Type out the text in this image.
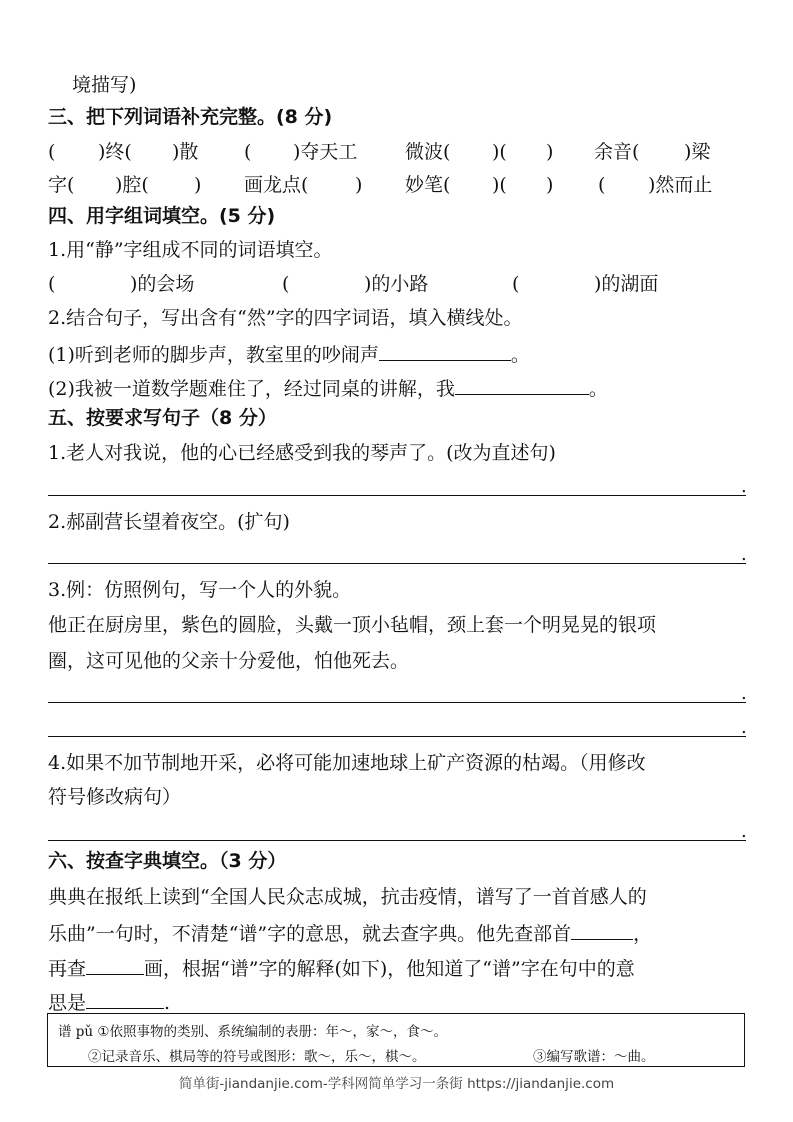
境描写)
三、把下列词语补充完整。(8 分)
( )终( )散 ( )夺天工	微波( )( ) 余音( )梁
字( )腔( ) 画龙点( ) 妙笔( )( ) ( )然而止
四、用字组词填空。(5 分)
1.用“静”字组成不同的词语填空。
(	)的会场	(	)的小路	(	)的湖面
2.结合句子，写出含有“然”字的四字词语，填入横线处。
(1)听到老师的脚步声，教室里的吵闹声	。
(2)我被一道数学题难住了，经过同桌的讲解，我	。
五、按要求写句子（8 分）
1.老人对我说，他的心已经感受到我的琴声了。(改为直述句)
.
2.郝副营长望着夜空。(扩句)
.
3.例：仿照例句，写一个人的外貌。
他正在厨房里，紫色的圆脸，头戴一顶小毡帽，颈上套一个明晃晃的银项
圈，这可见他的父亲十分爱他，怕他死去。
.
.
4.如果不加节制地开采，必将可能加速地球上矿产资源的枯竭。（用修改
符号修改病句）
.
六、按查字典填空。（3 分）
典典在报纸上读到“全国人民众志成城，抗击疫情，谱写了一首首感人的
乐曲”一句时，不清楚“谱”字的意思，就去查字典。他先查部首	，
再查	画，根据“谱”字的解释(如下)，他知道了“谱”字在句中的意
思是	.
谱 pǔ ①依照事物的类别、系统编制的表册：年～，家～，食～。
②记录音乐、棋局等的符号或图形：歌～，乐～，棋～。	③编写歌谱：～曲。
简单街-jiandanjie.com-学科网简单学习一条街 https://jiandanjie.com
